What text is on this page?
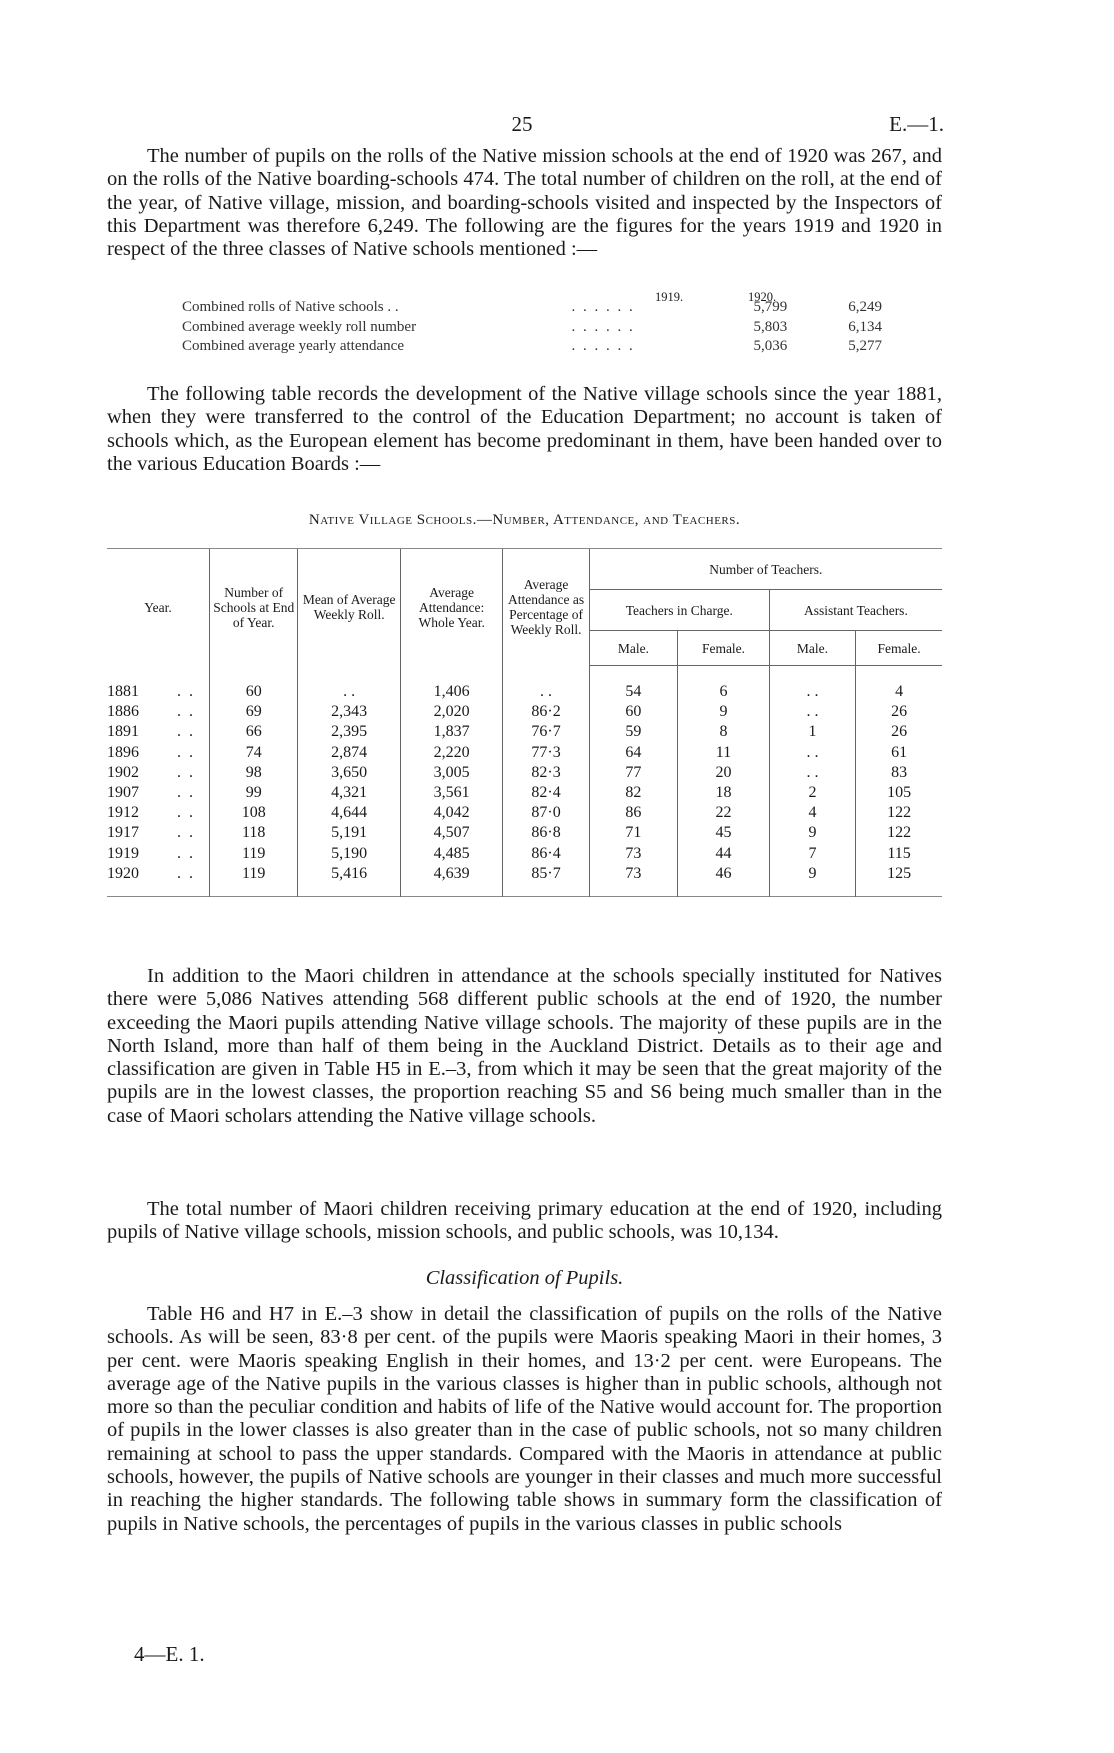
25	E.—1.

The number of pupils on the rolls of the Native mission schools at the end of 1920 was 267, and on the rolls of the Native boarding-schools 474. The total number of children on the roll, at the end of the year, of Native village, mission, and boarding-schools visited and inspected by the Inspectors of this Department was therefore 6,249. The following are the figures for the years 1919 and 1920 in respect of the three classes of Native schools mentioned :—

1919.	1920.
Combined rolls of Native schools . .	. . . . . .	5,799	6,249
Combined average weekly roll number	. . . . . .	5,803	6,134
Combined average yearly attendance	. . . . . .	5,036	5,277

The following table records the development of the Native village schools since the year 1881, when they were transferred to the control of the Education Department; no account is taken of schools which, as the European element has become predominant in them, have been handed over to the various Education Boards :—

Native Village Schools.—Number, Attendance, and Teachers.
Year.	Number of Schools at End of Year.	Mean of Average Weekly Roll.	Average Attendance: Whole Year.	Average Attendance as Percentage of Weekly Roll.	Number of Teachers.			
					Teachers in Charge.		Assistant Teachers.	
					Male.	Female.	Male.	Female.
1881 . .	60	. .	1,406	. .	54	6	. .	4
1886 . .	69	2,343	2,020	86·2	60	9	. .	26
1891 . .	66	2,395	1,837	76·7	59	8	1	26
1896 . .	74	2,874	2,220	77·3	64	11	. .	61
1902 . .	98	3,650	3,005	82·3	77	20	. .	83
1907 . .	99	4,321	3,561	82·4	82	18	2	105
1912 . .	108	4,644	4,042	87·0	86	22	4	122
1917 . .	118	5,191	4,507	86·8	71	45	9	122
1919 . .	119	5,190	4,485	86·4	73	44	7	115
1920 . .	119	5,416	4,639	85·7	73	46	9	125

In addition to the Maori children in attendance at the schools specially instituted for Natives there were 5,086 Natives attending 568 different public schools at the end of 1920, the number exceeding the Maori pupils attending Native village schools. The majority of these pupils are in the North Island, more than half of them being in the Auckland District. Details as to their age and classification are given in Table H5 in E.–3, from which it may be seen that the great majority of the pupils are in the lowest classes, the proportion reaching S5 and S6 being much smaller than in the case of Maori scholars attending the Native village schools.

The total number of Maori children receiving primary education at the end of 1920, including pupils of Native village schools, mission schools, and public schools, was 10,134.

Classification of Pupils.

Table H6 and H7 in E.–3 show in detail the classification of pupils on the rolls of the Native schools. As will be seen, 83·8 per cent. of the pupils were Maoris speaking Maori in their homes, 3 per cent. were Maoris speaking English in their homes, and 13·2 per cent. were Europeans. The average age of the Native pupils in the various classes is higher than in public schools, although not more so than the peculiar condition and habits of life of the Native would account for. The proportion of pupils in the lower classes is also greater than in the case of public schools, not so many children remaining at school to pass the upper standards. Compared with the Maoris in attendance at public schools, however, the pupils of Native schools are younger in their classes and much more successful in reaching the higher standards. The following table shows in summary form the classification of pupils in Native schools, the percentages of pupils in the various classes in public schools

4—E. 1.
